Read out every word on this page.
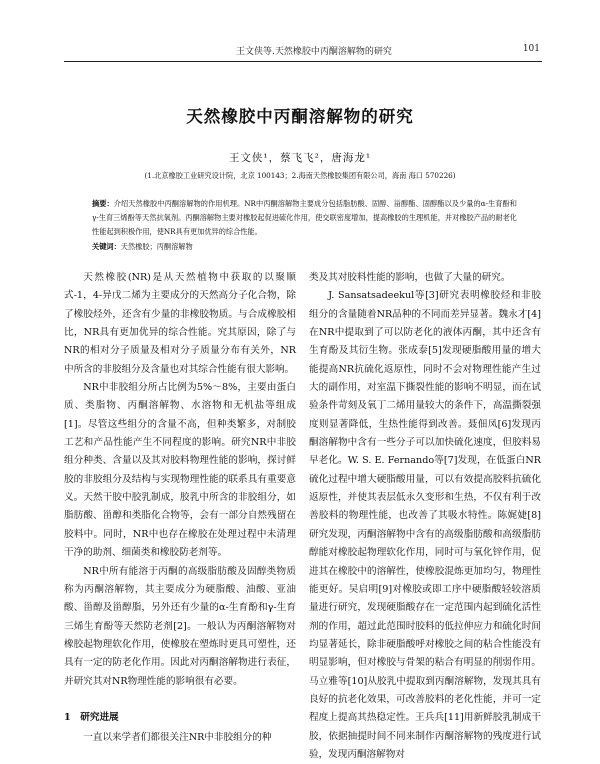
王文侠等.天然橡胶中丙酮溶解物的研究	101
天然橡胶中丙酮溶解物的研究
王文侠¹，蔡飞飞²，唐海龙¹
(1.北京橡胶工业研究设计院，北京 100143；2.海南天然橡胶集团有限公司，海南 海口 570226)
摘要：介绍天然橡胶中丙酮溶解物的作用机理。NR中丙酮溶解物主要成分包括脂肪酸、固醇、甾醇酯、固醇酯以及少量的α-生育酚和γ-生育三烯酚等天然抗氧剂。丙酮溶解物主要对橡胶起促进硫化作用，使交联密度增加，提高橡胶的生理机能，并对橡胶产品的耐老化性能起到积极作用，使NR具有更加优异的综合性能。
关键词：天然橡胶；丙酮溶解物

天然橡胶(NR)是从天然植物中获取的以聚顺式-1，4-异戊二烯为主要成分的天然高分子化合物，除了橡胶烃外，还含有少量的非橡胶物质。与合成橡胶相比，NR具有更加优异的综合性能。究其原因，除了与NR的相对分子质量及相对分子质量分布有关外，NR中所含的非胶组分及含量也对其综合性能有很大影响。

NR中非胶组分所占比例为5%～8%，主要由蛋白质、类脂物、丙酮溶解物、水溶物和无机盐等组成[1]。尽管这些组分的含量不高，但种类繁多，对制胶工艺和产品性能产生不同程度的影响。研究NR中非胶组分种类、含量以及其对胶料物理性能的影响，探讨鲜胶的非胶组分及结构与实现物理性能的联系具有重要意义。天然干胶中胶乳制成，胶乳中所含的非胶组分，如脂肪酸、甾醇和类脂化合物等，会有一部分自然残留在胶料中。同时，NR中也存在橡胶在处理过程中未清理干净的助剂、细菌类和橡胶防老剂等。

NR中所有能溶于丙酮的高级脂肪酸及固醇类物质称为丙酮溶解物，其主要成分为硬脂酸、油酸、亚油酸、甾醇及甾醇脂，另外还有少量的α-生育酚和γ-生育三烯生育酚等天然防老剂[2]。一般认为丙酮溶解物对橡胶起物理软化作用，使橡胶在塑炼时更具可塑性，还具有一定的防老化作用。因此对丙酮溶解物进行表征，并研究其对NR物理性能的影响很有必要。

1　研究进展
一直以来学者们都很关注NR中非胶组分的种

类及其对胶料性能的影响，也做了大量的研究。

J. Sansatsadeekul等[3]研究表明橡胶烃和非胶组分的含量随着NR品种的不同而差异显著。魏永才[4]在NR中提取到了可以防老化的液体丙酮，其中还含有生育酚及其衍生物。张成泰[5]发现硬脂酸用量的增大能提高NR抗硫化返原性，同时不会对物理性能产生过大的副作用，对室温下撕裂性能的影响不明显，而在试验条件苛刻及氧丁二烯用量较大的条件下，高温撕裂强度则显著降低，生热性能得到改善。聂佃凤[6]发现丙酮溶解物中含有一些分子可以加快硫化速度，但胶料易早老化。W. S. E. Fernando等[7]发现，在低蛋白NR硫化过程中增大硬脂酸用量，可以有效提高胶料抗硫化返原性，并使其表层低永久变形和生热，不仅有利于改善胶料的物理性能，也改善了其吸水特性。陈娓婕[8]研究发现，丙酮溶解物中含有的高级脂肪酸和高级脂肪醇能对橡胶起物理软化作用，同时可与氧化锌作用，促进其在橡胶中的溶解性，使橡胶混炼更加均匀，物理性能更好。吴启明[9]对橡胶或即工序中硬脂酸轻较溶质量进行研究，发现硬脂酸存在一定范围内起到硫化活性剂的作用，超过此范围时胶料的低拉伸应力和硫化时间均显著延长，除非硬脂酸呼对橡胶之间的粘合性能没有明显影响，但对橡胶与骨架的粘合有明显的削弱作用。马立雅等[10]从胶乳中提取到丙酮溶解物，发现其具有良好的抗老化效果，可改善胶料的老化性能，并可一定程度上提高其热稳定性。王兵兵[11]用新鲜胶乳制成干胶，依据抽提时间不同来制作丙酮溶解物的残度进行试验，发现丙酮溶解物对
